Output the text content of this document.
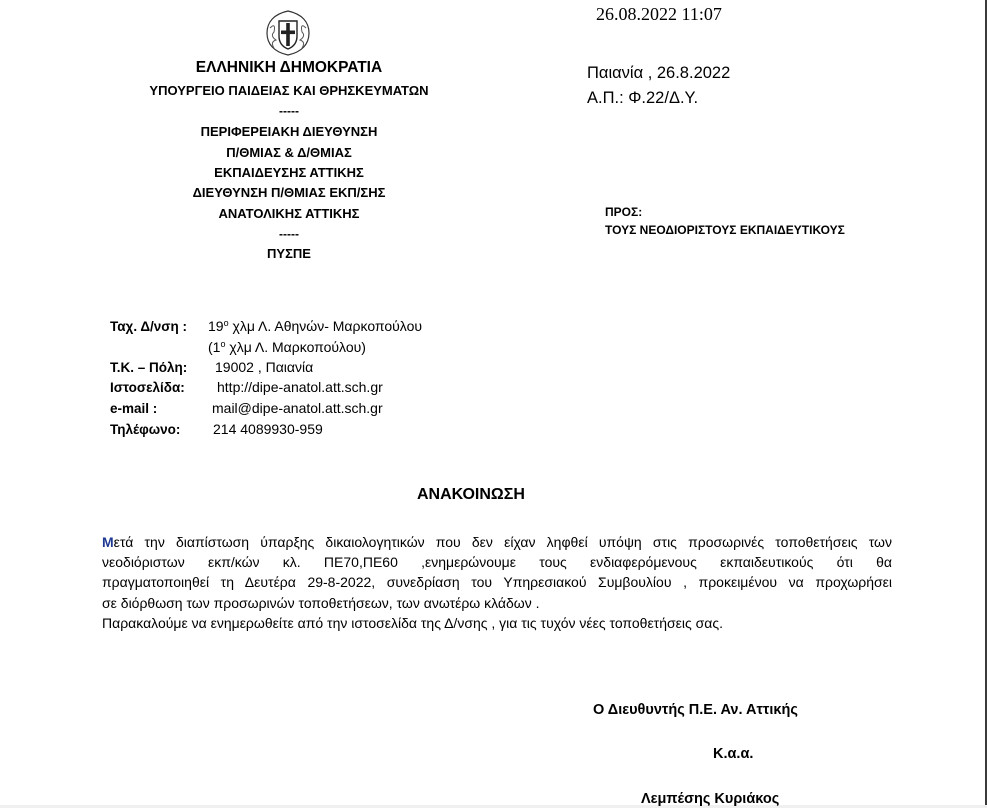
26.08.2022 11:07
ΕΛΛΗΝΙΚΗ ΔΗΜΟΚΡΑΤΙΑ
ΥΠΟΥΡΓΕΙΟ ΠΑΙΔΕΙΑΣ ΚΑΙ ΘΡΗΣΚΕΥΜΑΤΩΝ
-----
ΠΕΡΙΦΕΡΕΙΑΚΗ ΔΙΕΥΘΥΝΣΗ
Π/ΘΜΙΑΣ & Δ/ΘΜΙΑΣ
ΕΚΠΑΙΔΕΥΣΗΣ ΑΤΤΙΚΗΣ
ΔΙΕΥΘΥΝΣΗ Π/ΘΜΙΑΣ ΕΚΠ/ΣΗΣ
ΑΝΑΤΟΛΙΚΗΣ ΑΤΤΙΚΗΣ
-----
ΠΥΣΠΕ
Παιανία , 26.8.2022
Α.Π.: Φ.22/Δ.Υ.
ΠΡΟΣ:
ΤΟΥΣ ΝΕΟΔΙΟΡΙΣΤΟΥΣ ΕΚΠΑΙΔΕΥΤΙΚΟΥΣ
Ταχ. Δ/νση : $19^o$ χλμ Λ. Αθηνών- Μαρκοπούλου
($1^o$ χλμ Λ. Μαρκοπούλου)
Τ.Κ. – Πόλη: 19002 , Παιανία
Ιστοσελίδα: http://dipe-anatol.att.sch.gr
e-mail :	mail@dipe-anatol.att.sch.gr
Τηλέφωνο: 214 4089930-959
ΑΝΑΚΟΙΝΩΣΗ
Μετά την διαπίστωση ύπαρξης δικαιολογητικών που δεν είχαν ληφθεί υπόψη στις προσωρινές τοποθετήσεις των
νεοδιόριστων εκπ/κών κλ. ΠΕ70,ΠΕ60 ,ενημερώνουμε τους ενδιαφερόμενους εκπαιδευτικούς ότι θα
πραγματοποιηθεί τη Δευτέρα 29-8-2022, συνεδρίαση του Υπηρεσιακού Συμβουλίου , προκειμένου να προχωρήσει
σε διόρθωση των προσωρινών τοποθετήσεων, των ανωτέρω κλάδων .
Παρακαλούμε να ενημερωθείτε από την ιστοσελίδα της Δ/νσης , για τις τυχόν νέες τοποθετήσεις σας.
Ο Διευθυντής Π.Ε. Αν. Αττικής
Κ.α.α.
Λεμπέσης Κυριάκος
